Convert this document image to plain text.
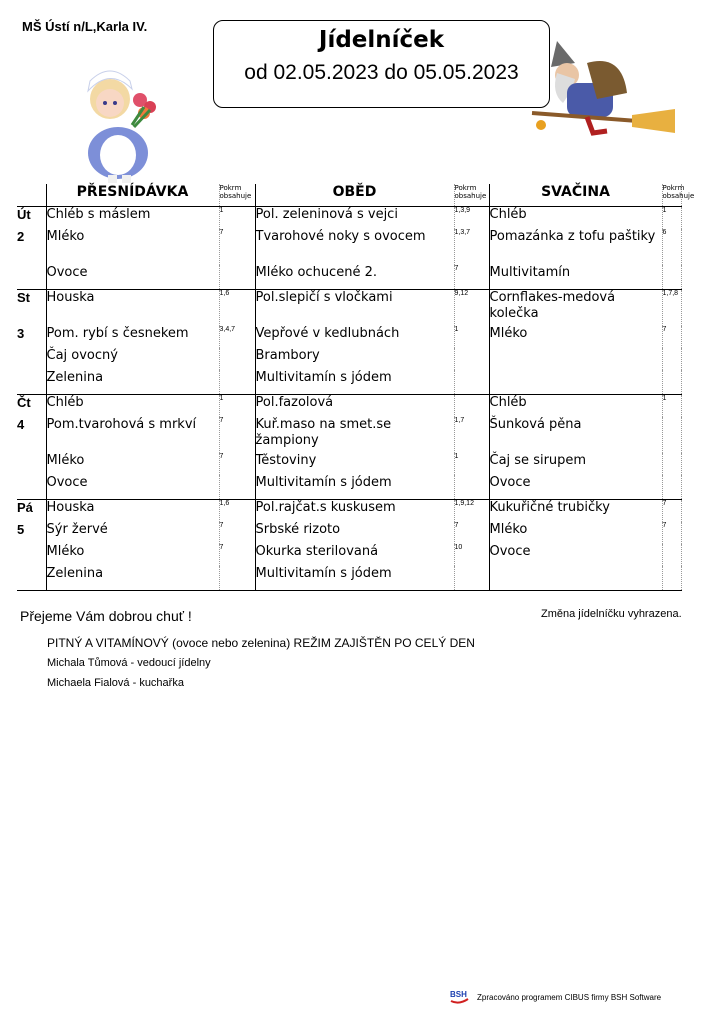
MŠ Ústí n/L,Karla IV.
Jídelníček
od 02.05.2023 do 05.05.2023
	PŘESNÍDÁVKA	Pokrm
obsahuje	OBĚD	Pokrm
obsahuje	SVAČINA	Pokrm
obsahuje
Út	Chléb s máslem	1	Pol. zeleninová s vejci	1,3,9	Chléb	1
2	Mléko	7	Tvarohové noky s ovocem	1,3,7	Pomazánka z tofu paštiky	6
	Ovoce		Mléko ochucené 2.	7	Multivitamín	
St	Houska	1,6	Pol.slepičí s vločkami	9,12	Cornflakes-medová kolečka	1,7,8
3	Pom. rybí s česnekem	3,4,7	Vepřové v kedlubnách	1	Mléko	7
	Čaj ovocný		Brambory			
	Zelenina		Multivitamín s jódem			
Čt	Chléb	1	Pol.fazolová		Chléb	1
4	Pom.tvarohová s mrkví	7	Kuř.maso na smet.se žampiony	1,7	Šunková pěna	
	Mléko	7	Těstoviny	1	Čaj se sirupem	
	Ovoce		Multivitamín s jódem		Ovoce	
Pá	Houska	1,6	Pol.rajčat.s kuskusem	1,9,12	Kukuřičné trubičky	7
5	Sýr žervé	7	Srbské rizoto	7	Mléko	7
	Mléko	7	Okurka sterilovaná	10	Ovoce	
	Zelenina		Multivitamín s jódem			
Přejeme Vám dobrou chuť !	Změna jídelníčku vyhrazena.
PITNÝ A VITAMÍNOVÝ (ovoce nebo zelenina) REŽIM ZAJIŠTĚN PO CELÝ DEN
Michala Tůmová - vedoucí jídelny
Michaela Fialová - kuchařka
BSH Zpracováno programem CIBUS firmy BSH Software
